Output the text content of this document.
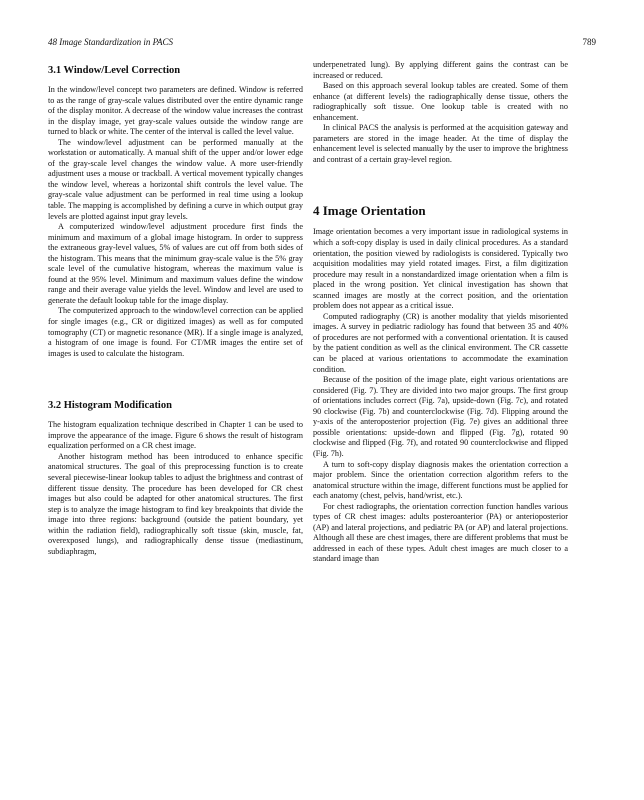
48 Image Standardization in PACS	789
3.1 Window/Level Correction

In the window/level concept two parameters are defined. Window is referred to as the range of gray-scale values distributed over the entire dynamic range of the display monitor. A decrease of the window value increases the contrast in the display image, yet gray-scale values outside the window range are turned to black or white. The center of the interval is called the level value.

The window/level adjustment can be performed manually at the workstation or automatically. A manual shift of the upper and/or lower edge of the gray-scale level changes the window value. A more user-friendly adjustment uses a mouse or trackball. A vertical movement typically changes the window level, whereas a horizontal shift controls the level value. The gray-scale value adjustment can be performed in real time using a lookup table. The mapping is accomplished by defining a curve in which output gray levels are plotted against input gray levels.

A computerized window/level adjustment procedure first finds the minimum and maximum of a global image histogram. In order to suppress the extraneous gray-level values, 5% of values are cut off from both sides of the histogram. This means that the minimum gray-scale value is the 5% gray scale level of the cumulative histogram, whereas the maximum value is found at the 95% level. Minimum and maximum values define the window range and their average value yields the level. Window and level are used to generate the default lookup table for the image display.

The computerized approach to the window/level correction can be applied for single images (e.g., CR or digitized images) as well as for computed tomography (CT) or magnetic resonance (MR). If a single image is analyzed, a histogram of one image is found. For CT/MR images the entire set of images is used to calculate the histogram.

3.2 Histogram Modification

The histogram equalization technique described in Chapter 1 can be used to improve the appearance of the image. Figure 6 shows the result of histogram equalization performed on a CR chest image.

Another histogram method has been introduced to enhance specific anatomical structures. The goal of this preprocessing function is to create several piecewise-linear lookup tables to adjust the brightness and contrast of different tissue density. The procedure has been developed for CR chest images but also could be adapted for other anatomical structures. The first step is to analyze the image histogram to find key breakpoints that divide the image into three regions: background (outside the patient boundary, yet within the radiation field), radiographically soft tissue (skin, muscle, fat, overexposed lungs), and radiographically dense tissue (mediastinum, subdiaphragm,

underpenetrated lung). By applying different gains the contrast can be increased or reduced.

Based on this approach several lookup tables are created. Some of them enhance (at different levels) the radiographically dense tissue, others the radiographically soft tissue. One lookup table is created with no enhancement.

In clinical PACS the analysis is performed at the acquisition gateway and parameters are stored in the image header. At the time of display the enhancement level is selected manually by the user to improve the brightness and contrast of a certain gray-level region.

4 Image Orientation

Image orientation becomes a very important issue in radiological systems in which a soft-copy display is used in daily clinical procedures. As a standard orientation, the position viewed by radiologists is considered. Typically two acquisition modalities may yield rotated images. First, a film digitization procedure may result in a nonstandardized image orientation when a film is placed in the wrong position. Yet clinical investigation has shown that scanned images are mostly at the correct position, and the orientation problem does not appear as a critical issue.

Computed radiography (CR) is another modality that yields misoriented images. A survey in pediatric radiology has found that between 35 and 40% of procedures are not performed with a conventional orientation. It is caused by the patient condition as well as the clinical environment. The CR cassette can be placed at various orientations to accommodate the examination condition.

Because of the position of the image plate, eight various orientations are considered (Fig. 7). They are divided into two major groups. The first group of orientations includes correct (Fig. 7a), upside-down (Fig. 7c), and rotated 90 clockwise (Fig. 7b) and counterclockwise (Fig. 7d). Flipping around the y-axis of the anteroposterior projection (Fig. 7e) gives an additional three possible orientations: upside-down and flipped (Fig. 7g), rotated 90 clockwise and flipped (Fig. 7f), and rotated 90 counterclockwise and flipped (Fig. 7h).

A turn to soft-copy display diagnosis makes the orientation correction a major problem. Since the orientation correction algorithm refers to the anatomical structure within the image, different functions must be applied for each anatomy (chest, pelvis, hand/wrist, etc.).

For chest radiographs, the orientation correction function handles various types of CR chest images: adults posteroanterior (PA) or anterioposterior (AP) and lateral projections, and pediatric PA (or AP) and lateral projections. Although all these are chest images, there are different problems that must be addressed in each of these types. Adult chest images are much closer to a standard image than
